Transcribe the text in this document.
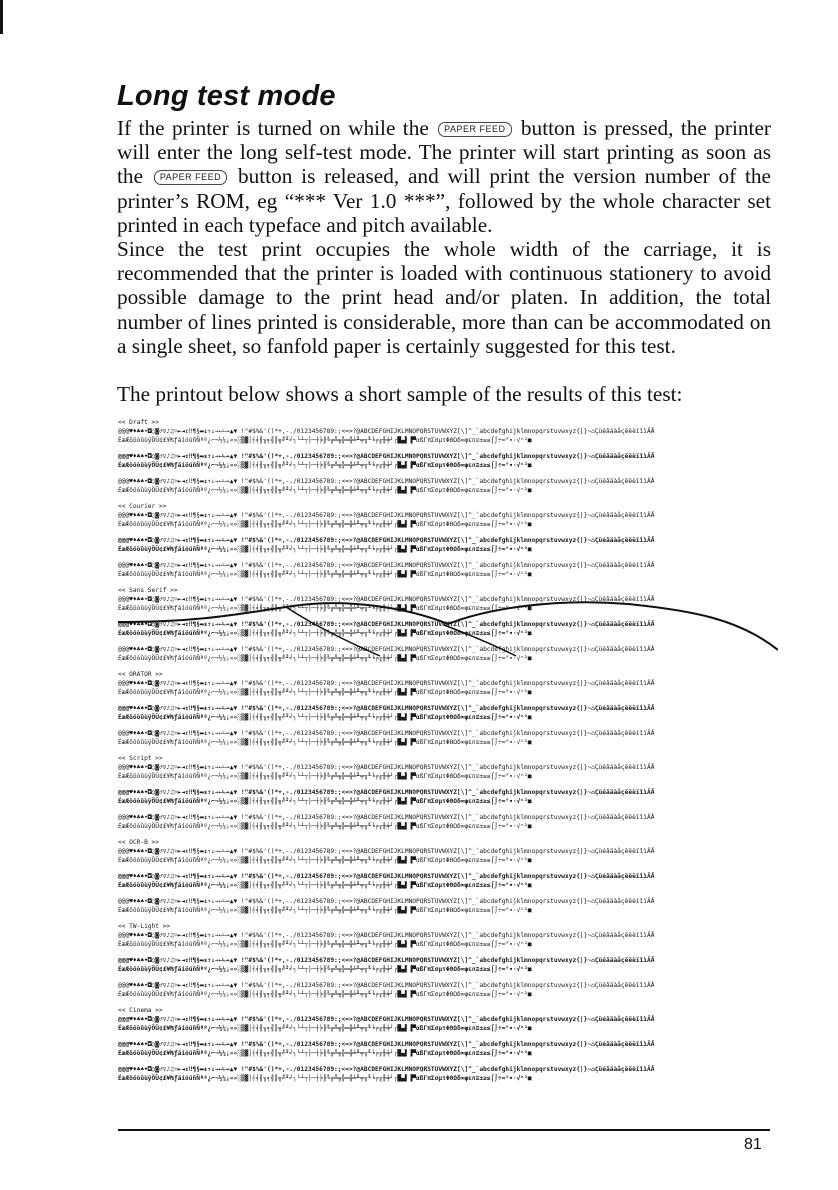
Long test mode

If the printer is turned on while the PAPER FEED button is pressed, the printer will enter the long self-test mode. The printer will start printing as soon as the PAPER FEED button is released, and will print the version number of the printer’s ROM, eg “*** Ver 1.0 ***”, followed by the whole character set printed in each typeface and pitch available.

Since the test print occupies the whole width of the carriage, it is recommended that the printer is loaded with continuous stationery to avoid possible damage to the print head and/or platen. In addition, the total number of lines printed is considerable, more than can be accommodated on a single sheet, so fanfold paper is certainly suggested for this test.

The printout below shows a short sample of the results of this test:

<< Draft >>
@@@♥♦♣♠•◘○◙♂♀♪♫☼►◄↕‼¶§▬↨↑↓→←∟↔▲▼ !"#$%&'()*+,-./0123456789:;<=>?@ABCDEFGHIJKLMNOPQRSTUVWXYZ[\]^_`abcdefghijklmnopqrstuvwxyz{|}~⌂ÇüéâäàåçêëèïîìÄÅ
ÉæÆôöòûùÿÖÜ¢£¥₧ƒáíóúñÑªº¿⌐¬½¼¡«»░▒▓│┤╡╢╖╕╣║╗╝╜╛┐└┴┬├─┼╞╟╚╔╩╦╠═╬╧╨╤╥╙╘╒╓╫╪┘┌█▄▌▐▀αßΓπΣσµτΦΘΩδ∞φε∩≡±≥≤⌠⌡÷≈°∙·√ⁿ²■
@@@♥♦♣♠•◘○◙♂♀♪♫☼►◄↕‼¶§▬↨↑↓→←∟↔▲▼ !"#$%&'()*+,-./0123456789:;<=>?@ABCDEFGHIJKLMNOPQRSTUVWXYZ[\]^_`abcdefghijklmnopqrstuvwxyz{|}~⌂ÇüéâäàåçêëèïîìÄÅ
ÉæÆôöòûùÿÖÜ¢£¥₧ƒáíóúñÑªº¿⌐¬½¼¡«»░▒▓│┤╡╢╖╕╣║╗╝╜╛┐└┴┬├─┼╞╟╚╔╩╦╠═╬╧╨╤╥╙╘╒╓╫╪┘┌█▄▌▐▀αßΓπΣσµτΦΘΩδ∞φε∩≡±≥≤⌠⌡÷≈°∙·√ⁿ²■
@@@♥♦♣♠•◘○◙♂♀♪♫☼►◄↕‼¶§▬↨↑↓→←∟↔▲▼ !"#$%&'()*+,-./0123456789:;<=>?@ABCDEFGHIJKLMNOPQRSTUVWXYZ[\]^_`abcdefghijklmnopqrstuvwxyz{|}~⌂ÇüéâäàåçêëèïîìÄÅ
ÉæÆôöòûùÿÖÜ¢£¥₧ƒáíóúñÑªº¿⌐¬½¼¡«»░▒▓│┤╡╢╖╕╣║╗╝╜╛┐└┴┬├─┼╞╟╚╔╩╦╠═╬╧╨╤╥╙╘╒╓╫╪┘┌█▄▌▐▀αßΓπΣσµτΦΘΩδ∞φε∩≡±≥≤⌠⌡÷≈°∙·√ⁿ²■
<< Courier >>
@@@♥♦♣♠•◘○◙♂♀♪♫☼►◄↕‼¶§▬↨↑↓→←∟↔▲▼ !"#$%&'()*+,-./0123456789:;<=>?@ABCDEFGHIJKLMNOPQRSTUVWXYZ[\]^_`abcdefghijklmnopqrstuvwxyz{|}~⌂ÇüéâäàåçêëèïîìÄÅ
ÉæÆôöòûùÿÖÜ¢£¥₧ƒáíóúñÑªº¿⌐¬½¼¡«»░▒▓│┤╡╢╖╕╣║╗╝╜╛┐└┴┬├─┼╞╟╚╔╩╦╠═╬╧╨╤╥╙╘╒╓╫╪┘┌█▄▌▐▀αßΓπΣσµτΦΘΩδ∞φε∩≡±≥≤⌠⌡÷≈°∙·√ⁿ²■
@@@♥♦♣♠•◘○◙♂♀♪♫☼►◄↕‼¶§▬↨↑↓→←∟↔▲▼ !"#$%&'()*+,-./0123456789:;<=>?@ABCDEFGHIJKLMNOPQRSTUVWXYZ[\]^_`abcdefghijklmnopqrstuvwxyz{|}~⌂ÇüéâäàåçêëèïîìÄÅ
ÉæÆôöòûùÿÖÜ¢£¥₧ƒáíóúñÑªº¿⌐¬½¼¡«»░▒▓│┤╡╢╖╕╣║╗╝╜╛┐└┴┬├─┼╞╟╚╔╩╦╠═╬╧╨╤╥╙╘╒╓╫╪┘┌█▄▌▐▀αßΓπΣσµτΦΘΩδ∞φε∩≡±≥≤⌠⌡÷≈°∙·√ⁿ²■
@@@♥♦♣♠•◘○◙♂♀♪♫☼►◄↕‼¶§▬↨↑↓→←∟↔▲▼ !"#$%&'()*+,-./0123456789:;<=>?@ABCDEFGHIJKLMNOPQRSTUVWXYZ[\]^_`abcdefghijklmnopqrstuvwxyz{|}~⌂ÇüéâäàåçêëèïîìÄÅ
ÉæÆôöòûùÿÖÜ¢£¥₧ƒáíóúñÑªº¿⌐¬½¼¡«»░▒▓│┤╡╢╖╕╣║╗╝╜╛┐└┴┬├─┼╞╟╚╔╩╦╠═╬╧╨╤╥╙╘╒╓╫╪┘┌█▄▌▐▀αßΓπΣσµτΦΘΩδ∞φε∩≡±≥≤⌠⌡÷≈°∙·√ⁿ²■
<< Sans Serif >>
@@@♥♦♣♠•◘○◙♂♀♪♫☼►◄↕‼¶§▬↨↑↓→←∟↔▲▼ !"#$%&'()*+,-./0123456789:;<=>?@ABCDEFGHIJKLMNOPQRSTUVWXYZ[\]^_`abcdefghijklmnopqrstuvwxyz{|}~⌂ÇüéâäàåçêëèïîìÄÅ
ÉæÆôöòûùÿÖÜ¢£¥₧ƒáíóúñÑªº¿⌐¬½¼¡«»░▒▓│┤╡╢╖╕╣║╗╝╜╛┐└┴┬├─┼╞╟╚╔╩╦╠═╬╧╨╤╥╙╘╒╓╫╪┘┌█▄▌▐▀αßΓπΣσµτΦΘΩδ∞φε∩≡±≥≤⌠⌡÷≈°∙·√ⁿ²■
@@@♥♦♣♠•◘○◙♂♀♪♫☼►◄↕‼¶§▬↨↑↓→←∟↔▲▼ !"#$%&'()*+,-./0123456789:;<=>?@ABCDEFGHIJKLMNOPQRSTUVWXYZ[\]^_`abcdefghijklmnopqrstuvwxyz{|}~⌂ÇüéâäàåçêëèïîìÄÅ
ÉæÆôöòûùÿÖÜ¢£¥₧ƒáíóúñÑªº¿⌐¬½¼¡«»░▒▓│┤╡╢╖╕╣║╗╝╜╛┐└┴┬├─┼╞╟╚╔╩╦╠═╬╧╨╤╥╙╘╒╓╫╪┘┌█▄▌▐▀αßΓπΣσµτΦΘΩδ∞φε∩≡±≥≤⌠⌡÷≈°∙·√ⁿ²■
@@@♥♦♣♠•◘○◙♂♀♪♫☼►◄↕‼¶§▬↨↑↓→←∟↔▲▼ !"#$%&'()*+,-./0123456789:;<=>?@ABCDEFGHIJKLMNOPQRSTUVWXYZ[\]^_`abcdefghijklmnopqrstuvwxyz{|}~⌂ÇüéâäàåçêëèïîìÄÅ
ÉæÆôöòûùÿÖÜ¢£¥₧ƒáíóúñÑªº¿⌐¬½¼¡«»░▒▓│┤╡╢╖╕╣║╗╝╜╛┐└┴┬├─┼╞╟╚╔╩╦╠═╬╧╨╤╥╙╘╒╓╫╪┘┌█▄▌▐▀αßΓπΣσµτΦΘΩδ∞φε∩≡±≥≤⌠⌡÷≈°∙·√ⁿ²■
<< ORATOR >>
@@@♥♦♣♠•◘○◙♂♀♪♫☼►◄↕‼¶§▬↨↑↓→←∟↔▲▼ !"#$%&'()*+,-./0123456789:;<=>?@ABCDEFGHIJKLMNOPQRSTUVWXYZ[\]^_`abcdefghijklmnopqrstuvwxyz{|}~⌂ÇüéâäàåçêëèïîìÄÅ
ÉæÆôöòûùÿÖÜ¢£¥₧ƒáíóúñÑªº¿⌐¬½¼¡«»░▒▓│┤╡╢╖╕╣║╗╝╜╛┐└┴┬├─┼╞╟╚╔╩╦╠═╬╧╨╤╥╙╘╒╓╫╪┘┌█▄▌▐▀αßΓπΣσµτΦΘΩδ∞φε∩≡±≥≤⌠⌡÷≈°∙·√ⁿ²■
@@@♥♦♣♠•◘○◙♂♀♪♫☼►◄↕‼¶§▬↨↑↓→←∟↔▲▼ !"#$%&'()*+,-./0123456789:;<=>?@ABCDEFGHIJKLMNOPQRSTUVWXYZ[\]^_`abcdefghijklmnopqrstuvwxyz{|}~⌂ÇüéâäàåçêëèïîìÄÅ
ÉæÆôöòûùÿÖÜ¢£¥₧ƒáíóúñÑªº¿⌐¬½¼¡«»░▒▓│┤╡╢╖╕╣║╗╝╜╛┐└┴┬├─┼╞╟╚╔╩╦╠═╬╧╨╤╥╙╘╒╓╫╪┘┌█▄▌▐▀αßΓπΣσµτΦΘΩδ∞φε∩≡±≥≤⌠⌡÷≈°∙·√ⁿ²■
@@@♥♦♣♠•◘○◙♂♀♪♫☼►◄↕‼¶§▬↨↑↓→←∟↔▲▼ !"#$%&'()*+,-./0123456789:;<=>?@ABCDEFGHIJKLMNOPQRSTUVWXYZ[\]^_`abcdefghijklmnopqrstuvwxyz{|}~⌂ÇüéâäàåçêëèïîìÄÅ
ÉæÆôöòûùÿÖÜ¢£¥₧ƒáíóúñÑªº¿⌐¬½¼¡«»░▒▓│┤╡╢╖╕╣║╗╝╜╛┐└┴┬├─┼╞╟╚╔╩╦╠═╬╧╨╤╥╙╘╒╓╫╪┘┌█▄▌▐▀αßΓπΣσµτΦΘΩδ∞φε∩≡±≥≤⌠⌡÷≈°∙·√ⁿ²■
<< Script >>
@@@♥♦♣♠•◘○◙♂♀♪♫☼►◄↕‼¶§▬↨↑↓→←∟↔▲▼ !"#$%&'()*+,-./0123456789:;<=>?@ABCDEFGHIJKLMNOPQRSTUVWXYZ[\]^_`abcdefghijklmnopqrstuvwxyz{|}~⌂ÇüéâäàåçêëèïîìÄÅ
ÉæÆôöòûùÿÖÜ¢£¥₧ƒáíóúñÑªº¿⌐¬½¼¡«»░▒▓│┤╡╢╖╕╣║╗╝╜╛┐└┴┬├─┼╞╟╚╔╩╦╠═╬╧╨╤╥╙╘╒╓╫╪┘┌█▄▌▐▀αßΓπΣσµτΦΘΩδ∞φε∩≡±≥≤⌠⌡÷≈°∙·√ⁿ²■
@@@♥♦♣♠•◘○◙♂♀♪♫☼►◄↕‼¶§▬↨↑↓→←∟↔▲▼ !"#$%&'()*+,-./0123456789:;<=>?@ABCDEFGHIJKLMNOPQRSTUVWXYZ[\]^_`abcdefghijklmnopqrstuvwxyz{|}~⌂ÇüéâäàåçêëèïîìÄÅ
ÉæÆôöòûùÿÖÜ¢£¥₧ƒáíóúñÑªº¿⌐¬½¼¡«»░▒▓│┤╡╢╖╕╣║╗╝╜╛┐└┴┬├─┼╞╟╚╔╩╦╠═╬╧╨╤╥╙╘╒╓╫╪┘┌█▄▌▐▀αßΓπΣσµτΦΘΩδ∞φε∩≡±≥≤⌠⌡÷≈°∙·√ⁿ²■
@@@♥♦♣♠•◘○◙♂♀♪♫☼►◄↕‼¶§▬↨↑↓→←∟↔▲▼ !"#$%&'()*+,-./0123456789:;<=>?@ABCDEFGHIJKLMNOPQRSTUVWXYZ[\]^_`abcdefghijklmnopqrstuvwxyz{|}~⌂ÇüéâäàåçêëèïîìÄÅ
ÉæÆôöòûùÿÖÜ¢£¥₧ƒáíóúñÑªº¿⌐¬½¼¡«»░▒▓│┤╡╢╖╕╣║╗╝╜╛┐└┴┬├─┼╞╟╚╔╩╦╠═╬╧╨╤╥╙╘╒╓╫╪┘┌█▄▌▐▀αßΓπΣσµτΦΘΩδ∞φε∩≡±≥≤⌠⌡÷≈°∙·√ⁿ²■
<< OCR-B >>
@@@♥♦♣♠•◘○◙♂♀♪♫☼►◄↕‼¶§▬↨↑↓→←∟↔▲▼ !"#$%&'()*+,-./0123456789:;<=>?@ABCDEFGHIJKLMNOPQRSTUVWXYZ[\]^_`abcdefghijklmnopqrstuvwxyz{|}~⌂ÇüéâäàåçêëèïîìÄÅ
ÉæÆôöòûùÿÖÜ¢£¥₧ƒáíóúñÑªº¿⌐¬½¼¡«»░▒▓│┤╡╢╖╕╣║╗╝╜╛┐└┴┬├─┼╞╟╚╔╩╦╠═╬╧╨╤╥╙╘╒╓╫╪┘┌█▄▌▐▀αßΓπΣσµτΦΘΩδ∞φε∩≡±≥≤⌠⌡÷≈°∙·√ⁿ²■
@@@♥♦♣♠•◘○◙♂♀♪♫☼►◄↕‼¶§▬↨↑↓→←∟↔▲▼ !"#$%&'()*+,-./0123456789:;<=>?@ABCDEFGHIJKLMNOPQRSTUVWXYZ[\]^_`abcdefghijklmnopqrstuvwxyz{|}~⌂ÇüéâäàåçêëèïîìÄÅ
ÉæÆôöòûùÿÖÜ¢£¥₧ƒáíóúñÑªº¿⌐¬½¼¡«»░▒▓│┤╡╢╖╕╣║╗╝╜╛┐└┴┬├─┼╞╟╚╔╩╦╠═╬╧╨╤╥╙╘╒╓╫╪┘┌█▄▌▐▀αßΓπΣσµτΦΘΩδ∞φε∩≡±≥≤⌠⌡÷≈°∙·√ⁿ²■
@@@♥♦♣♠•◘○◙♂♀♪♫☼►◄↕‼¶§▬↨↑↓→←∟↔▲▼ !"#$%&'()*+,-./0123456789:;<=>?@ABCDEFGHIJKLMNOPQRSTUVWXYZ[\]^_`abcdefghijklmnopqrstuvwxyz{|}~⌂ÇüéâäàåçêëèïîìÄÅ
ÉæÆôöòûùÿÖÜ¢£¥₧ƒáíóúñÑªº¿⌐¬½¼¡«»░▒▓│┤╡╢╖╕╣║╗╝╜╛┐└┴┬├─┼╞╟╚╔╩╦╠═╬╧╨╤╥╙╘╒╓╫╪┘┌█▄▌▐▀αßΓπΣσµτΦΘΩδ∞φε∩≡±≥≤⌠⌡÷≈°∙·√ⁿ²■
<< TW-Light >>
@@@♥♦♣♠•◘○◙♂♀♪♫☼►◄↕‼¶§▬↨↑↓→←∟↔▲▼ !"#$%&'()*+,-./0123456789:;<=>?@ABCDEFGHIJKLMNOPQRSTUVWXYZ[\]^_`abcdefghijklmnopqrstuvwxyz{|}~⌂ÇüéâäàåçêëèïîìÄÅ
ÉæÆôöòûùÿÖÜ¢£¥₧ƒáíóúñÑªº¿⌐¬½¼¡«»░▒▓│┤╡╢╖╕╣║╗╝╜╛┐└┴┬├─┼╞╟╚╔╩╦╠═╬╧╨╤╥╙╘╒╓╫╪┘┌█▄▌▐▀αßΓπΣσµτΦΘΩδ∞φε∩≡±≥≤⌠⌡÷≈°∙·√ⁿ²■
@@@♥♦♣♠•◘○◙♂♀♪♫☼►◄↕‼¶§▬↨↑↓→←∟↔▲▼ !"#$%&'()*+,-./0123456789:;<=>?@ABCDEFGHIJKLMNOPQRSTUVWXYZ[\]^_`abcdefghijklmnopqrstuvwxyz{|}~⌂ÇüéâäàåçêëèïîìÄÅ
ÉæÆôöòûùÿÖÜ¢£¥₧ƒáíóúñÑªº¿⌐¬½¼¡«»░▒▓│┤╡╢╖╕╣║╗╝╜╛┐└┴┬├─┼╞╟╚╔╩╦╠═╬╧╨╤╥╙╘╒╓╫╪┘┌█▄▌▐▀αßΓπΣσµτΦΘΩδ∞φε∩≡±≥≤⌠⌡÷≈°∙·√ⁿ²■
@@@♥♦♣♠•◘○◙♂♀♪♫☼►◄↕‼¶§▬↨↑↓→←∟↔▲▼ !"#$%&'()*+,-./0123456789:;<=>?@ABCDEFGHIJKLMNOPQRSTUVWXYZ[\]^_`abcdefghijklmnopqrstuvwxyz{|}~⌂ÇüéâäàåçêëèïîìÄÅ
ÉæÆôöòûùÿÖÜ¢£¥₧ƒáíóúñÑªº¿⌐¬½¼¡«»░▒▓│┤╡╢╖╕╣║╗╝╜╛┐└┴┬├─┼╞╟╚╔╩╦╠═╬╧╨╤╥╙╘╒╓╫╪┘┌█▄▌▐▀αßΓπΣσµτΦΘΩδ∞φε∩≡±≥≤⌠⌡÷≈°∙·√ⁿ²■
<< Cinema >>
@@@♥♦♣♠•◘○◙♂♀♪♫☼►◄↕‼¶§▬↨↑↓→←∟↔▲▼ !"#$%&'()*+,-./0123456789:;<=>?@ABCDEFGHIJKLMNOPQRSTUVWXYZ[\]^_`abcdefghijklmnopqrstuvwxyz{|}~⌂ÇüéâäàåçêëèïîìÄÅ
ÉæÆôöòûùÿÖÜ¢£¥₧ƒáíóúñÑªº¿⌐¬½¼¡«»░▒▓│┤╡╢╖╕╣║╗╝╜╛┐└┴┬├─┼╞╟╚╔╩╦╠═╬╧╨╤╥╙╘╒╓╫╪┘┌█▄▌▐▀αßΓπΣσµτΦΘΩδ∞φε∩≡±≥≤⌠⌡÷≈°∙·√ⁿ²■
@@@♥♦♣♠•◘○◙♂♀♪♫☼►◄↕‼¶§▬↨↑↓→←∟↔▲▼ !"#$%&'()*+,-./0123456789:;<=>?@ABCDEFGHIJKLMNOPQRSTUVWXYZ[\]^_`abcdefghijklmnopqrstuvwxyz{|}~⌂ÇüéâäàåçêëèïîìÄÅ
ÉæÆôöòûùÿÖÜ¢£¥₧ƒáíóúñÑªº¿⌐¬½¼¡«»░▒▓│┤╡╢╖╕╣║╗╝╜╛┐└┴┬├─┼╞╟╚╔╩╦╠═╬╧╨╤╥╙╘╒╓╫╪┘┌█▄▌▐▀αßΓπΣσµτΦΘΩδ∞φε∩≡±≥≤⌠⌡÷≈°∙·√ⁿ²■
@@@♥♦♣♠•◘○◙♂♀♪♫☼►◄↕‼¶§▬↨↑↓→←∟↔▲▼ !"#$%&'()*+,-./0123456789:;<=>?@ABCDEFGHIJKLMNOPQRSTUVWXYZ[\]^_`abcdefghijklmnopqrstuvwxyz{|}~⌂ÇüéâäàåçêëèïîìÄÅ
ÉæÆôöòûùÿÖÜ¢£¥₧ƒáíóúñÑªº¿⌐¬½¼¡«»░▒▓│┤╡╢╖╕╣║╗╝╜╛┐└┴┬├─┼╞╟╚╔╩╦╠═╬╧╨╤╥╙╘╒╓╫╪┘┌█▄▌▐▀αßΓπΣσµτΦΘΩδ∞φε∩≡±≥≤⌠⌡÷≈°∙·√ⁿ²■
81
